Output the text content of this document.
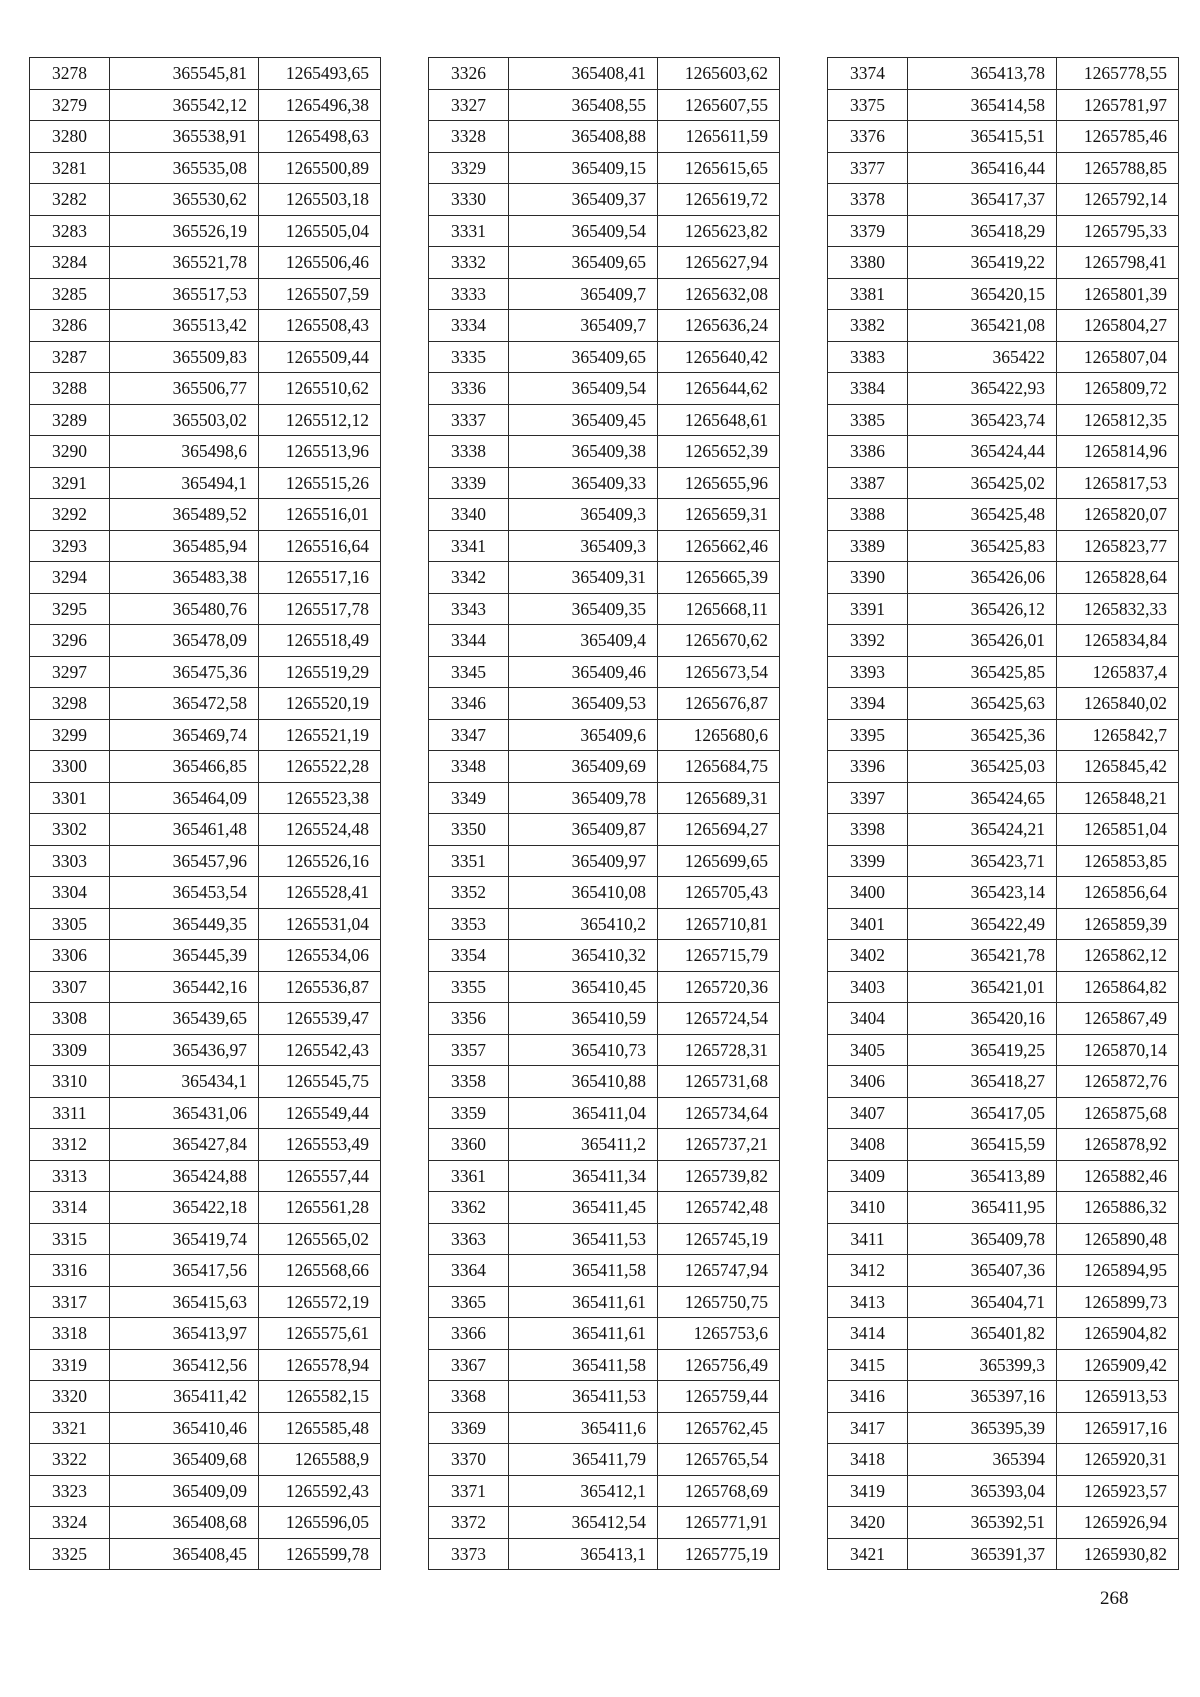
3278	365545,81	1265493,65
3279	365542,12	1265496,38
3280	365538,91	1265498,63
3281	365535,08	1265500,89
3282	365530,62	1265503,18
3283	365526,19	1265505,04
3284	365521,78	1265506,46
3285	365517,53	1265507,59
3286	365513,42	1265508,43
3287	365509,83	1265509,44
3288	365506,77	1265510,62
3289	365503,02	1265512,12
3290	365498,6	1265513,96
3291	365494,1	1265515,26
3292	365489,52	1265516,01
3293	365485,94	1265516,64
3294	365483,38	1265517,16
3295	365480,76	1265517,78
3296	365478,09	1265518,49
3297	365475,36	1265519,29
3298	365472,58	1265520,19
3299	365469,74	1265521,19
3300	365466,85	1265522,28
3301	365464,09	1265523,38
3302	365461,48	1265524,48
3303	365457,96	1265526,16
3304	365453,54	1265528,41
3305	365449,35	1265531,04
3306	365445,39	1265534,06
3307	365442,16	1265536,87
3308	365439,65	1265539,47
3309	365436,97	1265542,43
3310	365434,1	1265545,75
3311	365431,06	1265549,44
3312	365427,84	1265553,49
3313	365424,88	1265557,44
3314	365422,18	1265561,28
3315	365419,74	1265565,02
3316	365417,56	1265568,66
3317	365415,63	1265572,19
3318	365413,97	1265575,61
3319	365412,56	1265578,94
3320	365411,42	1265582,15
3321	365410,46	1265585,48
3322	365409,68	1265588,9
3323	365409,09	1265592,43
3324	365408,68	1265596,05
3325	365408,45	1265599,78
3326	365408,41	1265603,62
3327	365408,55	1265607,55
3328	365408,88	1265611,59
3329	365409,15	1265615,65
3330	365409,37	1265619,72
3331	365409,54	1265623,82
3332	365409,65	1265627,94
3333	365409,7	1265632,08
3334	365409,7	1265636,24
3335	365409,65	1265640,42
3336	365409,54	1265644,62
3337	365409,45	1265648,61
3338	365409,38	1265652,39
3339	365409,33	1265655,96
3340	365409,3	1265659,31
3341	365409,3	1265662,46
3342	365409,31	1265665,39
3343	365409,35	1265668,11
3344	365409,4	1265670,62
3345	365409,46	1265673,54
3346	365409,53	1265676,87
3347	365409,6	1265680,6
3348	365409,69	1265684,75
3349	365409,78	1265689,31
3350	365409,87	1265694,27
3351	365409,97	1265699,65
3352	365410,08	1265705,43
3353	365410,2	1265710,81
3354	365410,32	1265715,79
3355	365410,45	1265720,36
3356	365410,59	1265724,54
3357	365410,73	1265728,31
3358	365410,88	1265731,68
3359	365411,04	1265734,64
3360	365411,2	1265737,21
3361	365411,34	1265739,82
3362	365411,45	1265742,48
3363	365411,53	1265745,19
3364	365411,58	1265747,94
3365	365411,61	1265750,75
3366	365411,61	1265753,6
3367	365411,58	1265756,49
3368	365411,53	1265759,44
3369	365411,6	1265762,45
3370	365411,79	1265765,54
3371	365412,1	1265768,69
3372	365412,54	1265771,91
3373	365413,1	1265775,19
3374	365413,78	1265778,55
3375	365414,58	1265781,97
3376	365415,51	1265785,46
3377	365416,44	1265788,85
3378	365417,37	1265792,14
3379	365418,29	1265795,33
3380	365419,22	1265798,41
3381	365420,15	1265801,39
3382	365421,08	1265804,27
3383	365422	1265807,04
3384	365422,93	1265809,72
3385	365423,74	1265812,35
3386	365424,44	1265814,96
3387	365425,02	1265817,53
3388	365425,48	1265820,07
3389	365425,83	1265823,77
3390	365426,06	1265828,64
3391	365426,12	1265832,33
3392	365426,01	1265834,84
3393	365425,85	1265837,4
3394	365425,63	1265840,02
3395	365425,36	1265842,7
3396	365425,03	1265845,42
3397	365424,65	1265848,21
3398	365424,21	1265851,04
3399	365423,71	1265853,85
3400	365423,14	1265856,64
3401	365422,49	1265859,39
3402	365421,78	1265862,12
3403	365421,01	1265864,82
3404	365420,16	1265867,49
3405	365419,25	1265870,14
3406	365418,27	1265872,76
3407	365417,05	1265875,68
3408	365415,59	1265878,92
3409	365413,89	1265882,46
3410	365411,95	1265886,32
3411	365409,78	1265890,48
3412	365407,36	1265894,95
3413	365404,71	1265899,73
3414	365401,82	1265904,82
3415	365399,3	1265909,42
3416	365397,16	1265913,53
3417	365395,39	1265917,16
3418	365394	1265920,31
3419	365393,04	1265923,57
3420	365392,51	1265926,94
3421	365391,37	1265930,82
268
